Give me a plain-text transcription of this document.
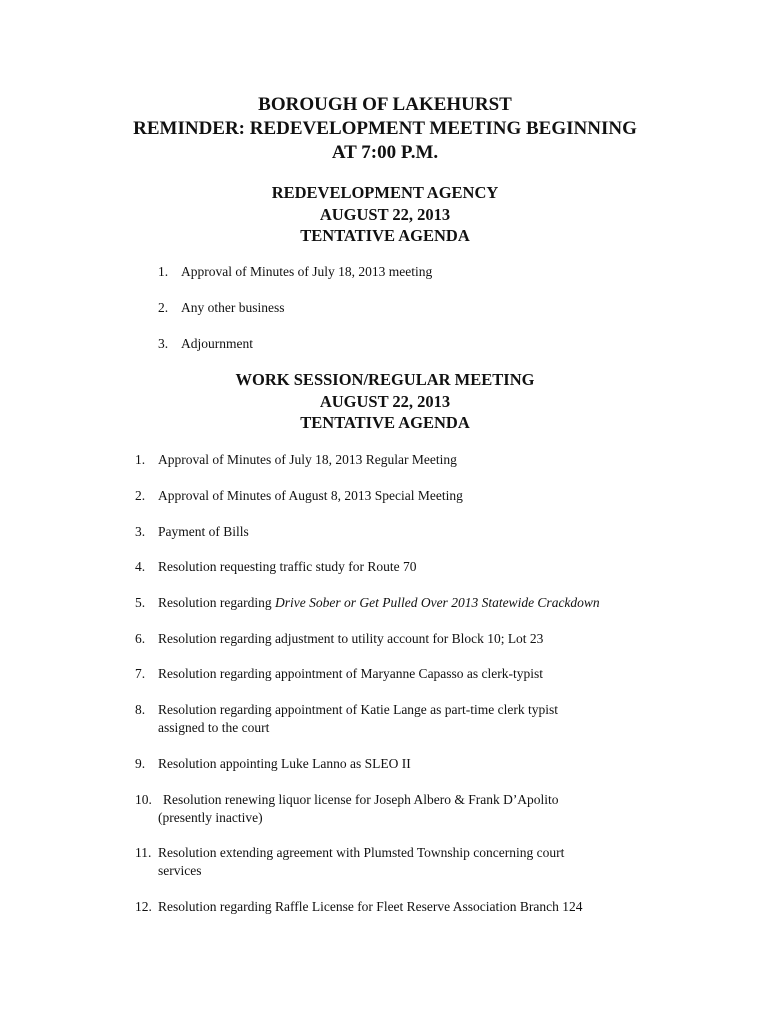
BOROUGH OF LAKEHURST
REMINDER: REDEVELOPMENT MEETING BEGINNING
AT 7:00 P.M.
REDEVELOPMENT AGENCY
AUGUST 22, 2013
TENTATIVE AGENDA
1. Approval of Minutes of July 18, 2013 meeting
2. Any other business
3. Adjournment
WORK SESSION/REGULAR MEETING
AUGUST 22, 2013
TENTATIVE AGENDA
1. Approval of Minutes of July 18, 2013 Regular Meeting
2. Approval of Minutes of August 8, 2013 Special Meeting
3. Payment of Bills
4. Resolution requesting traffic study for Route 70
5. Resolution regarding Drive Sober or Get Pulled Over 2013 Statewide Crackdown
6. Resolution regarding adjustment to utility account for Block 10; Lot 23
7. Resolution regarding appointment of Maryanne Capasso as clerk-typist
8. Resolution regarding appointment of Katie Lange as part-time clerk typist
assigned to the court
9. Resolution appointing Luke Lanno as SLEO II
10. Resolution renewing liquor license for Joseph Albero & Frank D’Apolito
(presently inactive)
11. Resolution extending agreement with Plumsted Township concerning court
services
12. Resolution regarding Raffle License for Fleet Reserve Association Branch 124
